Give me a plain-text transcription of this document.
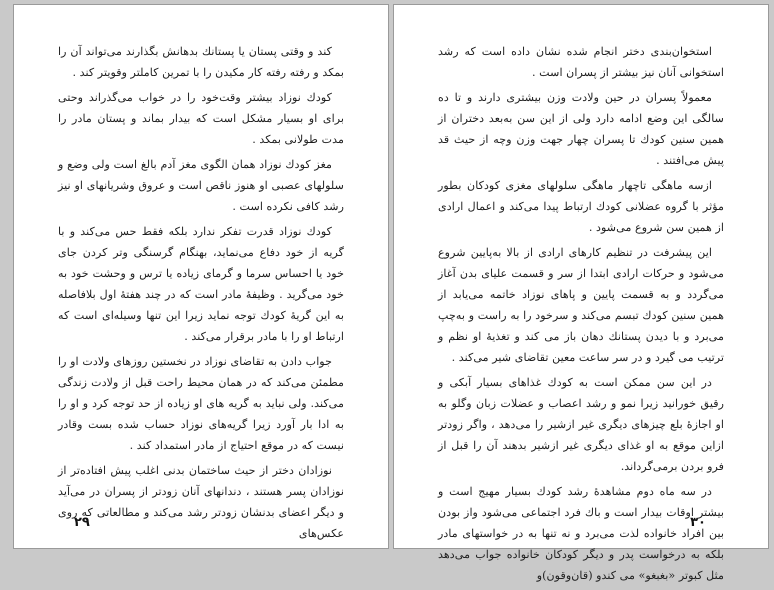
کند و وقتی پستان یا پستانك بدهانش بگذارند می‌تواند آن را بمکد و رفته رفته کار مکیدن را با تمرین کاملتر وقویتر کند .

کودك نوزاد بیشتر وقت‌خود را در خواب می‌گذراند وحتی برای او بسیار مشکل است که بیدار بماند و پستان مادر را مدت طولانی بمکد .

مغز کودك نوزاد همان الگوی مغز آدم بالغ است ولی وضع و سلولهای عصبی او هنوز ناقص است و عروق وشریانهای او نیز رشد کافی نکرده است .

کودك نوزاد قدرت تفکر ندارد بلکه فقط حس می‌کند و با گریه از خود دفاع می‌نماید، بهنگام گرسنگی وتر کردن جای خود یا احساس سرما و گرمای زیاده یا ترس و وحشت خود به خود می‌گرید . وظیفهٔ مادر است که در چند هفتهٔ اول بلافاصله به این گریهٔ کودك توجه نماید زیرا این تنها وسیله‌ای است که ارتباط او را با مادر برقرار می‌کند .

جواب دادن به تقاضای نوزاد در نخستین روزهای ولادت او را مطمئن می‌کند که در همان محیط راحت قبل از ولادت زندگی می‌کند. ولی نباید به گریه های او زیاده از حد توجه کرد و او را به ادا بار آورد زیرا گریه‌های نوزاد حساب شده بست وقادر نیست که در موقع احتیاج از مادر استمداد کند .

نوزادان دختر از حیث ساختمان بدنی اغلب پیش افتاده‌تر از نوزادان پسر هستند ، دندانهای آنان زودتر از پسران در می‌آید و دیگر اعضای بدنشان زودتر رشد می‌کند و مطالعاتی که روی عکس‌های

۲۹

استخوان‌بندی دختر انجام شده نشان داده است که رشد استخوانی آنان نیز بیشتر از پسران است .

معمولاً پسران در حین ولادت وزن بیشتری دارند و تا ده سالگی این وضع ادامه دارد ولی از این سن به‌بعد دختران از همین سنین کودك تا پسران چهار جهت وزن وچه از حیث قد پیش می‌افتند .

ازسه ماهگی تاچهار ماهگی سلولهای مغزی کودکان بطور مؤثر با گروه عضلانی کودك ارتباط پیدا می‌کند و اعمال ارادی از همین سن شروع می‌شود .

این پیشرفت در تنظیم کارهای ارادی از بالا به‌پایین شروع می‌شود و حرکات ارادی ابتدا از سر و قسمت علیای بدن آغاز می‌گردد و به قسمت پایین و پاهای نوزاد خاتمه می‌یابد از همین سنین کودك تبسم می‌کند و سرخود را به راست و به‌چپ می‌برد و با دیدن پستانك دهان باز می کند و تغذیهٔ او نظم و ترتیب می گیرد و در سر ساعت معین تقاضای شیر می‌کند .

در این سن ممکن است به کودك غذاهای بسیار آبکی و رقیق خورانید زیرا نمو و رشد اعصاب و عضلات زبان وگلو به او اجازهٔ بلع چیزهای دیگری غیر ازشیر را می‌دهد ، واگر زودتر ازاین موقع به او غذای دیگری غیر ازشیر بدهند آن را قبل از فرو بردن برمی‌گرداند.

در سه ماه دوم مشاهدهٔ رشد کودك بسیار مهیج است و بیشتر اوقات بیدار است و باك فرد اجتماعی می‌شود واز بودن بین افراد خانواده لذت می‌برد و نه تنها به در خواستهای مادر بلکه به درخواست پدر و دیگر کودکان خانواده جواب می‌دهد مثل کبوتر «بغبغو» می کندو (قان‌وقون)و

۳۰
